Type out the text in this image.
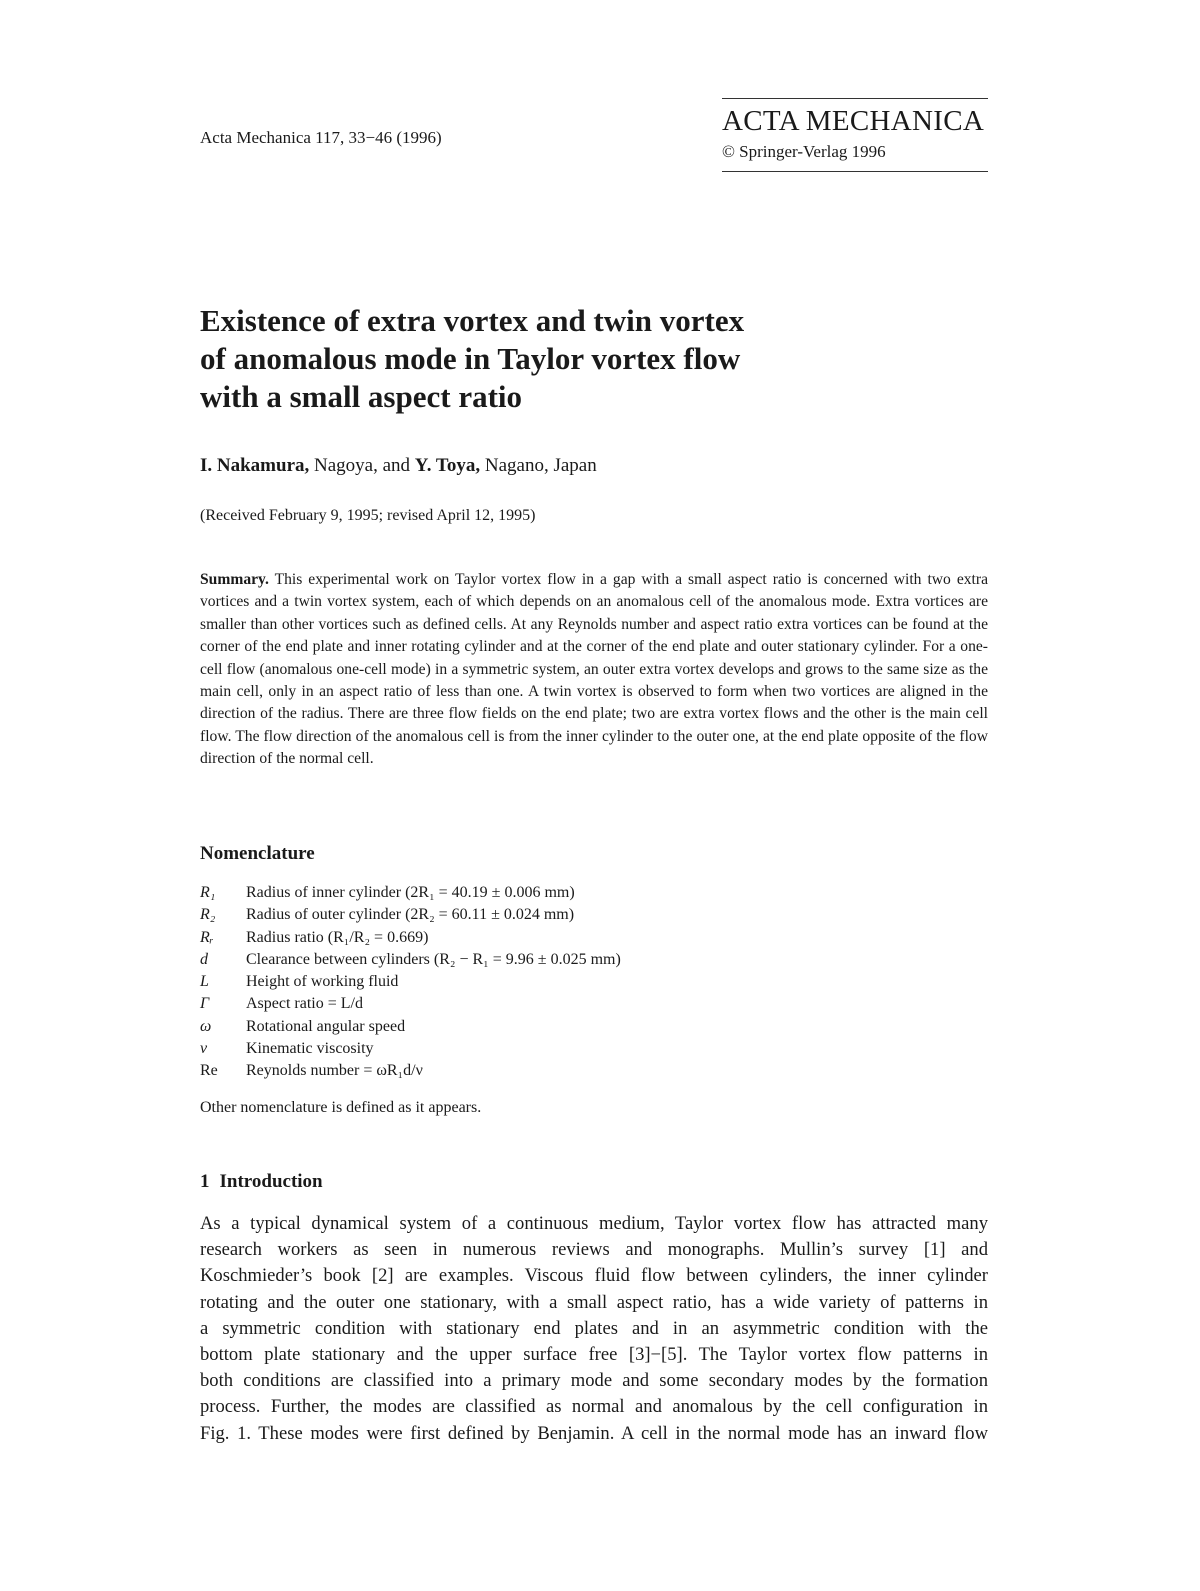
Acta Mechanica 117, 33−46 (1996)
ACTA MECHANICA
© Springer-Verlag 1996
Existence of extra vortex and twin vortex
of anomalous mode in Taylor vortex flow
with a small aspect ratio
I. Nakamura, Nagoya, and Y. Toya, Nagano, Japan
(Received February 9, 1995; revised April 12, 1995)
Summary. This experimental work on Taylor vortex flow in a gap with a small aspect ratio is concerned with two extra vortices and a twin vortex system, each of which depends on an anomalous cell of the anomalous mode. Extra vortices are smaller than other vortices such as defined cells. At any Reynolds number and aspect ratio extra vortices can be found at the corner of the end plate and inner rotating cylinder and at the corner of the end plate and outer stationary cylinder. For a one-cell flow (anomalous one-cell mode) in a symmetric system, an outer extra vortex develops and grows to the same size as the main cell, only in an aspect ratio of less than one. A twin vortex is observed to form when two vortices are aligned in the direction of the radius. There are three flow fields on the end plate; two are extra vortex flows and the other is the main cell flow. The flow direction of the anomalous cell is from the inner cylinder to the outer one, at the end plate opposite of the flow direction of the normal cell.
Nomenclature
R₁	Radius of inner cylinder (2R₁ = 40.19 ± 0.006 mm)
R₂	Radius of outer cylinder (2R₂ = 60.11 ± 0.024 mm)
Rᵣ	Radius ratio (R₁/R₂ = 0.669)
d	Clearance between cylinders (R₂ − R₁ = 9.96 ± 0.025 mm)
L	Height of working fluid
Γ	Aspect ratio = L/d
ω	Rotational angular speed
ν	Kinematic viscosity
Re	Reynolds number = ωR₁d/ν
Other nomenclature is defined as it appears.
1 Introduction
As a typical dynamical system of a continuous medium, Taylor vortex flow has attracted many
research workers as seen in numerous reviews and monographs. Mullin’s survey [1] and
Koschmieder’s book [2] are examples. Viscous fluid flow between cylinders, the inner cylinder
rotating and the outer one stationary, with a small aspect ratio, has a wide variety of patterns in
a symmetric condition with stationary end plates and in an asymmetric condition with the
bottom plate stationary and the upper surface free [3]−[5]. The Taylor vortex flow patterns in
both conditions are classified into a primary mode and some secondary modes by the formation
process. Further, the modes are classified as normal and anomalous by the cell configuration in
Fig. 1. These modes were first defined by Benjamin. A cell in the normal mode has an inward flow
